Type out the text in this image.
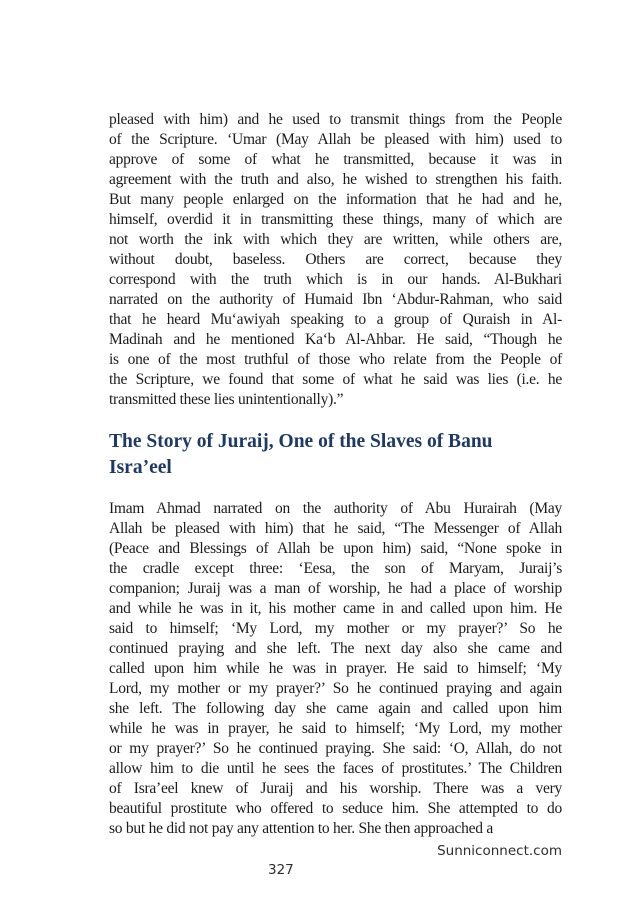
pleased with him) and he used to transmit things from the People
of the Scripture. ‘Umar (May Allah be pleased with him) used to
approve of some of what he transmitted, because it was in
agreement with the truth and also, he wished to strengthen his faith.
But many people enlarged on the information that he had and he,
himself, overdid it in transmitting these things, many of which are
not worth the ink with which they are written, while others are,
without doubt, baseless. Others are correct, because they
correspond with the truth which is in our hands. Al-Bukhari
narrated on the authority of Humaid Ibn ‘Abdur-Rahman, who said
that he heard Mu‘awiyah speaking to a group of Quraish in Al-
Madinah and he mentioned Ka‘b Al-Ahbar. He said, “Though he
is one of the most truthful of those who relate from the People of
the Scripture, we found that some of what he said was lies (i.e. he
transmitted these lies unintentionally).”
The Story of Juraij, One of the Slaves of Banu
Isra’eel
Imam Ahmad narrated on the authority of Abu Hurairah (May
Allah be pleased with him) that he said, “The Messenger of Allah
(Peace and Blessings of Allah be upon him) said, “None spoke in
the cradle except three: ‘Eesa, the son of Maryam, Juraij’s
companion; Juraij was a man of worship, he had a place of worship
and while he was in it, his mother came in and called upon him. He
said to himself; ‘My Lord, my mother or my prayer?’ So he
continued praying and she left. The next day also she came and
called upon him while he was in prayer. He said to himself; ‘My
Lord, my mother or my prayer?’ So he continued praying and again
she left. The following day she came again and called upon him
while he was in prayer, he said to himself; ‘My Lord, my mother
or my prayer?’ So he continued praying. She said: ‘O, Allah, do not
allow him to die until he sees the faces of prostitutes.’ The Children
of Isra’eel knew of Juraij and his worship. There was a very
beautiful prostitute who offered to seduce him. She attempted to do
so but he did not pay any attention to her. She then approached a
Sunniconnect.com
327
